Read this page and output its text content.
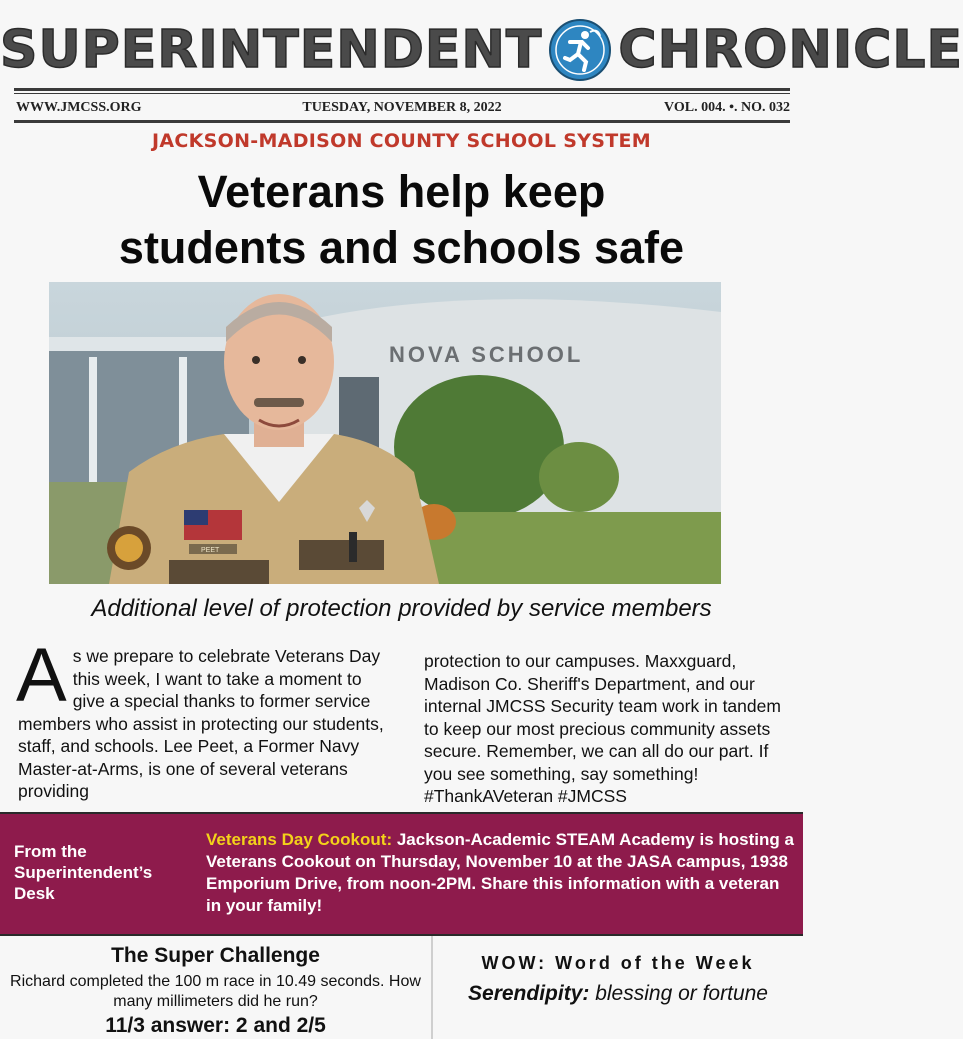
SUPERINTENDENT CHRONICLE
WWW.JMCSS.ORG	TUESDAY, NOVEMBER 8, 2022	VOL. 004. •. NO. 032
JACKSON-MADISON COUNTY SCHOOL SYSTEM
Veterans help keep
students and schools safe
NOVA SCHOOL
PEET
Additional level of protection provided by service members
As we prepare to celebrate Veterans Day this week, I want to take a moment to give a special thanks to former service members who assist in protecting our students, staff, and schools. Lee Peet, a Former Navy Master-at-Arms, is one of several veterans providing
protection to our campuses. Maxxguard, Madison Co. Sheriff's Department, and our internal JMCSS Security team work in tandem to keep our most precious community assets secure. Remember, we can all do our part. If you see something, say something! #ThankAVeteran #JMCSS
From the Superintendent’s Desk
Veterans Day Cookout: Jackson-Academic STEAM Academy is hosting a Veterans Cookout on Thursday, November 10 at the JASA campus, 1938 Emporium Drive, from noon-2PM. Share this information with a veteran in your family!
The Super Challenge
Richard completed the 100 m race in 10.49 seconds. How many millimeters did he run?
11/3 answer: 2 and 2/5
WOW: Word of the Week
Serendipity: blessing or fortune
